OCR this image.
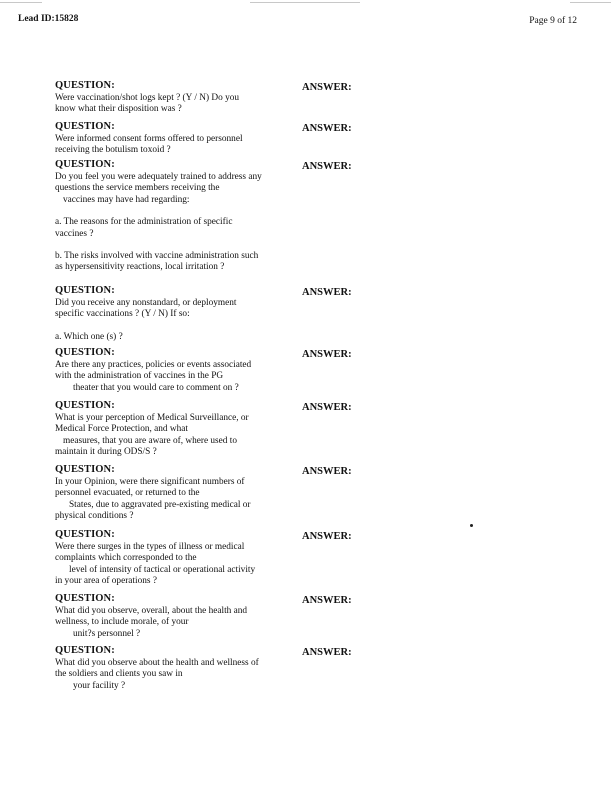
Lead ID:15828	Page 9 of 12
QUESTION:	ANSWER:
Were vaccination/shot logs kept ? (Y / N) Do you
know what their disposition was ?
QUESTION:	ANSWER:
Were informed consent forms offered to personnel
receiving the botulism toxoid ?
QUESTION:	ANSWER:
Do you feel you were adequately trained to address any
questions the service members receiving the
vaccines may have had regarding:
a. The reasons for the administration of specific
vaccines ?
b. The risks involved with vaccine administration such
as hypersensitivity reactions, local irritation ?
QUESTION:	ANSWER:
Did you receive any nonstandard, or deployment
specific vaccinations ? (Y / N) If so:
a. Which one (s) ?
QUESTION:	ANSWER:
Are there any practices, policies or events associated
with the administration of vaccines in the PG
theater that you would care to comment on ?
QUESTION:	ANSWER:
What is your perception of Medical Surveillance, or
Medical Force Protection, and what
measures, that you are aware of, where used to
maintain it during ODS/S ?
QUESTION:	ANSWER:
In your Opinion, were there significant numbers of
personnel evacuated, or returned to the
States, due to aggravated pre-existing medical or
physical conditions ?
QUESTION:	ANSWER:
Were there surges in the types of illness or medical
complaints which corresponded to the
level of intensity of tactical or operational activity
in your area of operations ?
QUESTION:	ANSWER:
What did you observe, overall, about the health and
wellness, to include morale, of your
unit?s personnel ?
QUESTION:	ANSWER:
What did you observe about the health and wellness of
the soldiers and clients you saw in
your facility ?
